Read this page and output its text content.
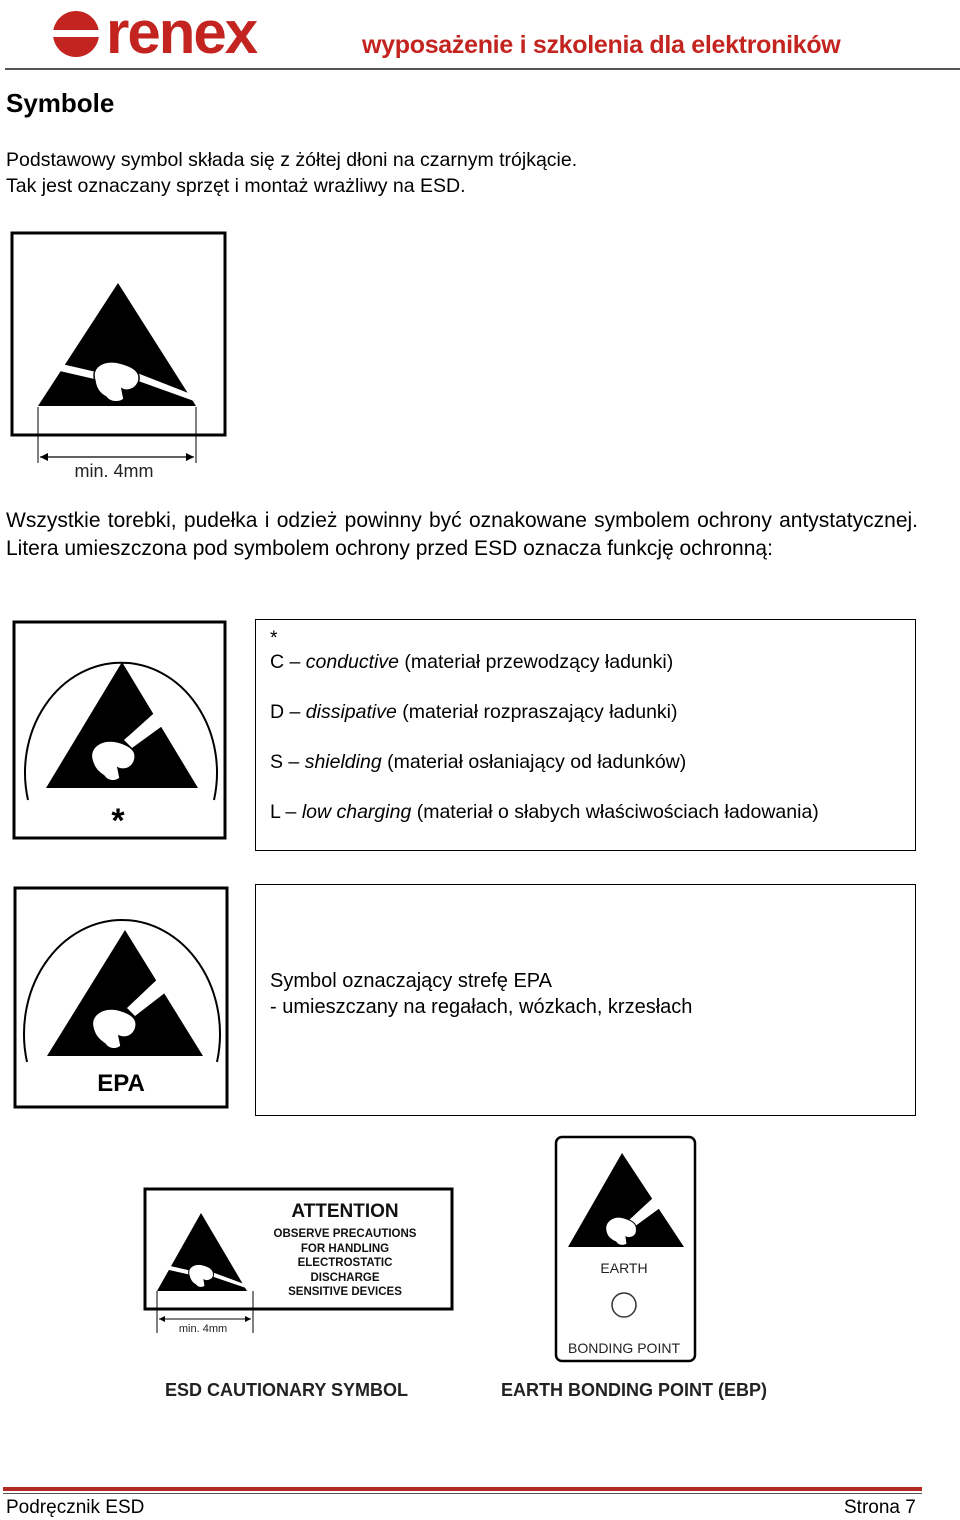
renex	wyposażenie i szkolenia dla elektroników
Symbole
Podstawowy symbol składa się z żółtej dłoni na czarnym trójkącie.
Tak jest oznaczany sprzęt i montaż wrażliwy na ESD.
min. 4mm
Wszystkie torebki, pudełka i odzież powinny być oznakowane symbolem ochrony antystatycznej. Litera umieszczona pod symbolem ochrony przed ESD oznacza funkcję ochronną:
*
*
C – conductive (materiał przewodzący ładunki)
D – dissipative (materiał rozpraszający ładunki)
S – shielding (materiał osłaniający od ładunków)
L – low charging (materiał o słabych właściwościach ładowania)
EPA
Symbol oznaczający strefę EPA
- umieszczany na regałach, wózkach, krzesłach
ATTENTION
OBSERVE PRECAUTIONS
FOR HANDLING
ELECTROSTATIC
DISCHARGE
SENSITIVE DEVICES
min. 4mm
EARTH
BONDING POINT
ESD CAUTIONARY SYMBOL	EARTH BONDING POINT (EBP)
Podręcznik ESD	Strona 7
